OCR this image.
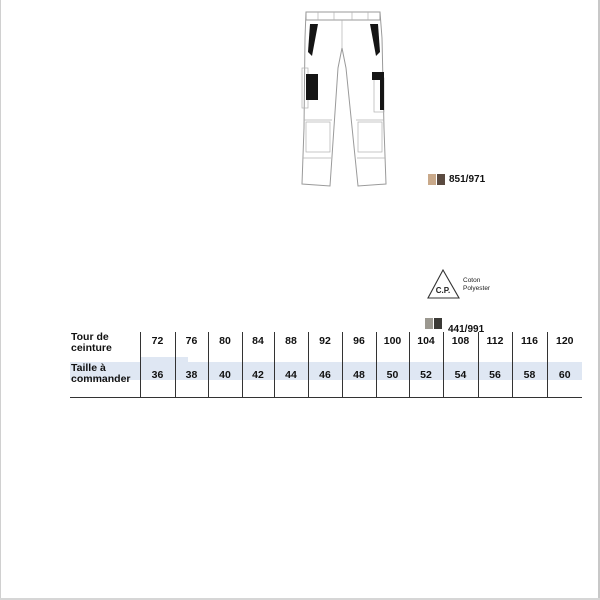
851/971
C.P.
Coton
Polyester
441/991
Tour de ceinture	72	76	80	84	88	92	96	100	104	108	112	116	120
Taille à commander	36	38	40	42	44	46	48	50	52	54	56	58	60
